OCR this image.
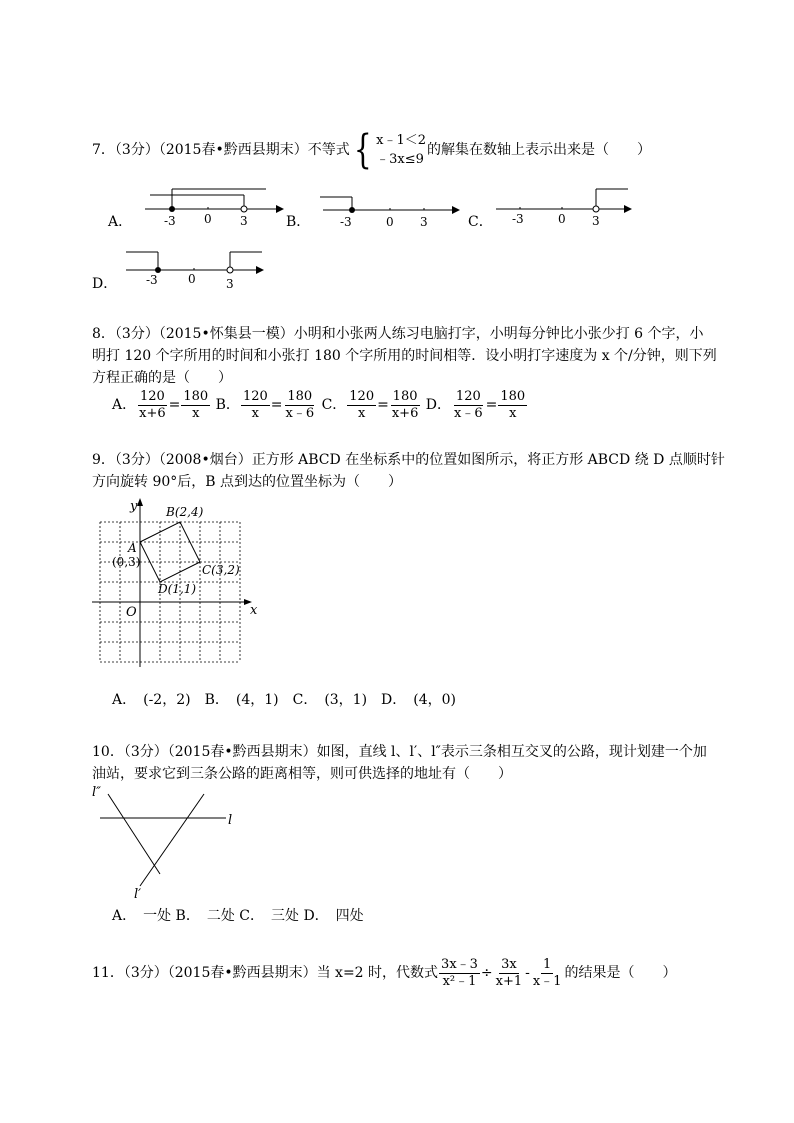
7．（3分）（2015春•黔西县期末）不等式{ x﹣1＜2
﹣3x≤9
的解集在数轴上表示出来是（　　）
A．	B．	C．
D．
-3 0 3	-3	0 3	-3	0 3
-3	0	3
8．（3分）（2015•怀集县一模）小明和小张两人练习电脑打字，小明每分钟比小张少打 6 个字，小
明打 120 个字所用的时间和小张打 180 个字所用的时间相等．设小明打字速度为 x 个/分钟，则下列
方程正确的是（　　）
A． $\frac{120}{x+6} = \frac{180}{x}$ B． $\frac{120}{x} = \frac{180}{x﹣6}$ C． $\frac{120}{x} = \frac{180}{x+6}$ D． $\frac{120}{x﹣6} = \frac{180}{x}$
9．（3分）（2008•烟台）正方形 ABCD 在坐标系中的位置如图所示，将正方形 ABCD 绕 D 点顺时针
方向旋转 90°后，B 点到达的位置坐标为（　　）
y
x
O
A
(0,3)
B(2,4)
C(3,2)
D(1,1)
A．　(-2，2)　B．　(4，1)　C．　(3，1)　D．　(4，0)
10．（3分）（2015春•黔西县期末）如图，直线 l、l′、l″表示三条相互交叉的公路，现计划建一个加
油站，要求它到三条公路的距离相等，则可供选择的地址有（　　）
l″
l
l′
A．　一处 B．　二处 C．　三处 D．　四处
11．（3分）（2015春•黔西县期末）当 x=2 时，代数式 $\frac{3x﹣3}{\text{x²﹣1}} \div \frac{3x}{x+1} - \frac{1}{x﹣1}$ 的结果是（　　）
